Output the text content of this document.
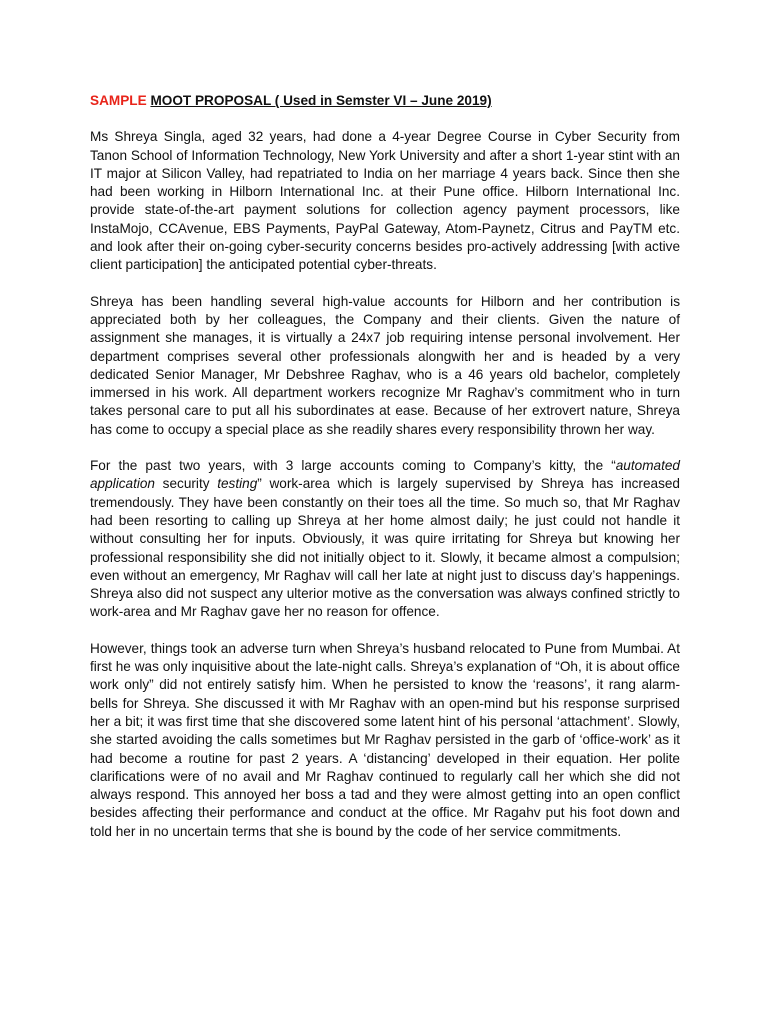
SAMPLE MOOT PROPOSAL ( Used in Semster VI – June 2019)

Ms Shreya Singla, aged 32 years, had done a 4-year Degree Course in Cyber Security from Tanon School of Information Technology, New York University and after a short 1-year stint with an IT major at Silicon Valley, had repatriated to India on her marriage 4 years back. Since then she had been working in Hilborn International Inc. at their Pune office. Hilborn International Inc. provide state-of-the-art payment solutions for collection agency payment processors, like InstaMojo, CCAvenue, EBS Payments, PayPal Gateway, Atom-Paynetz, Citrus and PayTM etc. and look after their on-going cyber-security concerns besides pro-actively addressing [with active client participation] the anticipated potential cyber-threats.

Shreya has been handling several high-value accounts for Hilborn and her contribution is appreciated both by her colleagues, the Company and their clients. Given the nature of assignment she manages, it is virtually a 24x7 job requiring intense personal involvement. Her department comprises several other professionals alongwith her and is headed by a very dedicated Senior Manager, Mr Debshree Raghav, who is a 46 years old bachelor, completely immersed in his work. All department workers recognize Mr Raghav’s commitment who in turn takes personal care to put all his subordinates at ease. Because of her extrovert nature, Shreya has come to occupy a special place as she readily shares every responsibility thrown her way.

For the past two years, with 3 large accounts coming to Company’s kitty, the “automated application security testing” work-area which is largely supervised by Shreya has increased tremendously. They have been constantly on their toes all the time. So much so, that Mr Raghav had been resorting to calling up Shreya at her home almost daily; he just could not handle it without consulting her for inputs. Obviously, it was quire irritating for Shreya but knowing her professional responsibility she did not initially object to it. Slowly, it became almost a compulsion; even without an emergency, Mr Raghav will call her late at night just to discuss day’s happenings. Shreya also did not suspect any ulterior motive as the conversation was always confined strictly to work-area and Mr Raghav gave her no reason for offence.

However, things took an adverse turn when Shreya’s husband relocated to Pune from Mumbai. At first he was only inquisitive about the late-night calls. Shreya’s explanation of “Oh, it is about office work only” did not entirely satisfy him. When he persisted to know the ‘reasons’, it rang alarm-bells for Shreya. She discussed it with Mr Raghav with an open-mind but his response surprised her a bit; it was first time that she discovered some latent hint of his personal ‘attachment’. Slowly, she started avoiding the calls sometimes but Mr Raghav persisted in the garb of ‘office-work’ as it had become a routine for past 2 years. A ‘distancing’ developed in their equation. Her polite clarifications were of no avail and Mr Raghav continued to regularly call her which she did not always respond. This annoyed her boss a tad and they were almost getting into an open conflict besides affecting their performance and conduct at the office. Mr Ragahv put his foot down and told her in no uncertain terms that she is bound by the code of her service commitments.
